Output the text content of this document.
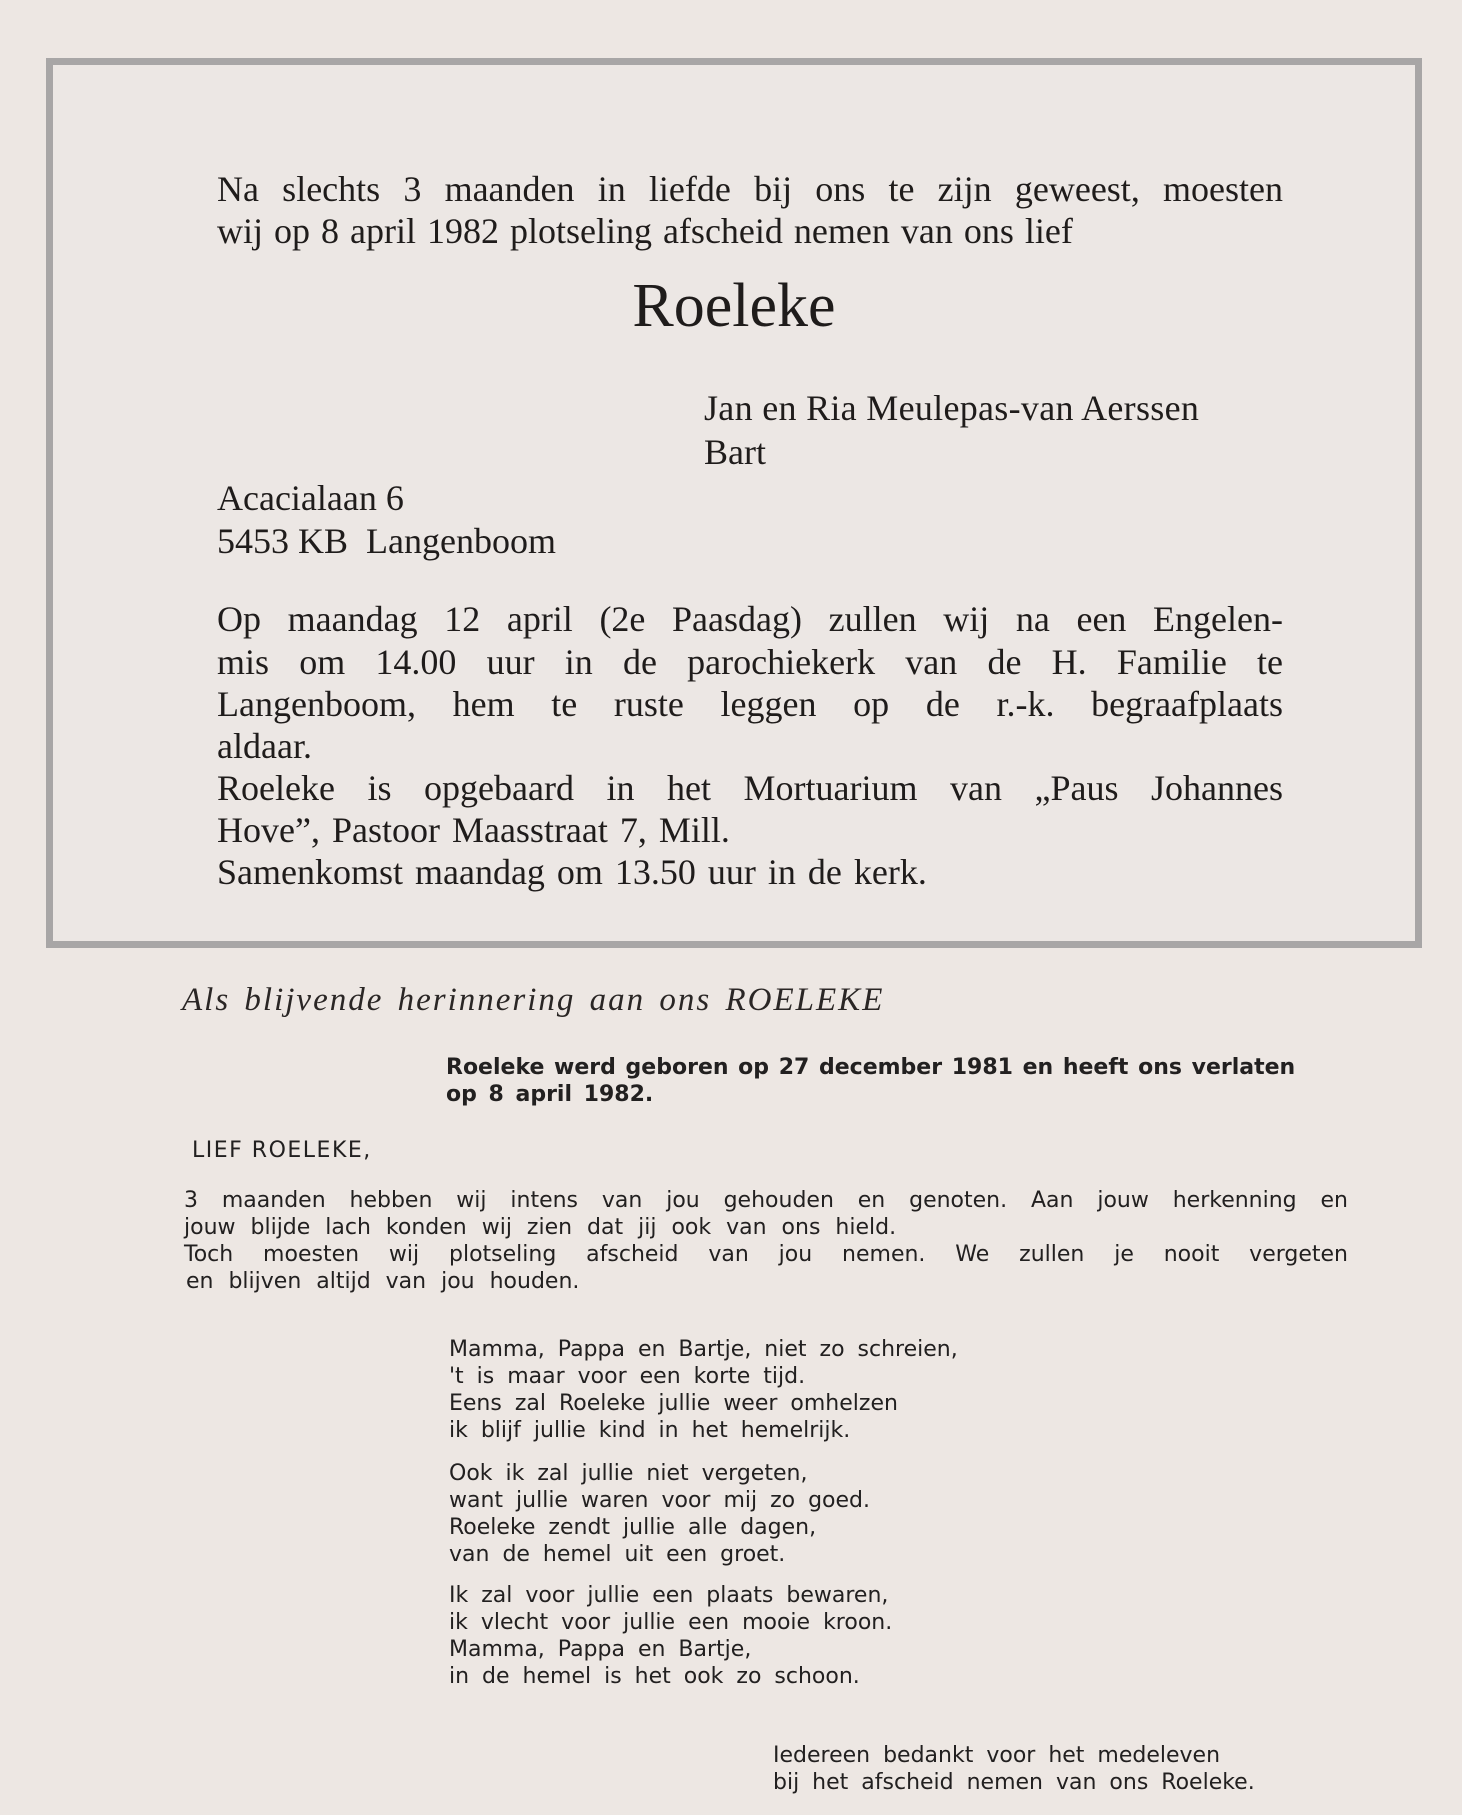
Na slechts 3 maanden in liefde bij ons te zijn geweest, moesten

wij op 8 april 1982 plotseling afscheid nemen van ons lief

Roeleke

Jan en Ria Meulepas-van Aerssen

Bart

Acacialaan 6

5453 KB  Langenboom

Op maandag 12 april (2e Paasdag) zullen wij na een Engelen-

mis om 14.00 uur in de parochiekerk van de H. Familie te

Langenboom, hem te ruste leggen op de r.-k. begraafplaats

aldaar.

Roeleke is opgebaard in het Mortuarium van „Paus Johannes

Hove”, Pastoor Maasstraat 7, Mill.

Samenkomst maandag om 13.50 uur in de kerk.

Als blijvende herinnering aan ons ROELEKE

Roeleke werd geboren op 27 december 1981 en heeft ons verlaten

op 8 april 1982.

LIEF ROELEKE,

3 maanden hebben wij intens van jou gehouden en genoten. Aan jouw herkenning en

jouw blijde lach konden wij zien dat jij ook van ons hield.

Toch moesten wij plotseling afscheid van jou nemen. We zullen je nooit vergeten

en blijven altijd van jou houden.

Mamma, Pappa en Bartje, niet zo schreien,
't is maar voor een korte tijd.
Eens zal Roeleke jullie weer omhelzen
ik blijf jullie kind in het hemelrijk.
Ook ik zal jullie niet vergeten,
want jullie waren voor mij zo goed.
Roeleke zendt jullie alle dagen,
van de hemel uit een groet.
Ik zal voor jullie een plaats bewaren,
ik vlecht voor jullie een mooie kroon.
Mamma, Pappa en Bartje,
in de hemel is het ook zo schoon.
Iedereen bedankt voor het medeleven
bij het afscheid nemen van ons Roeleke.
